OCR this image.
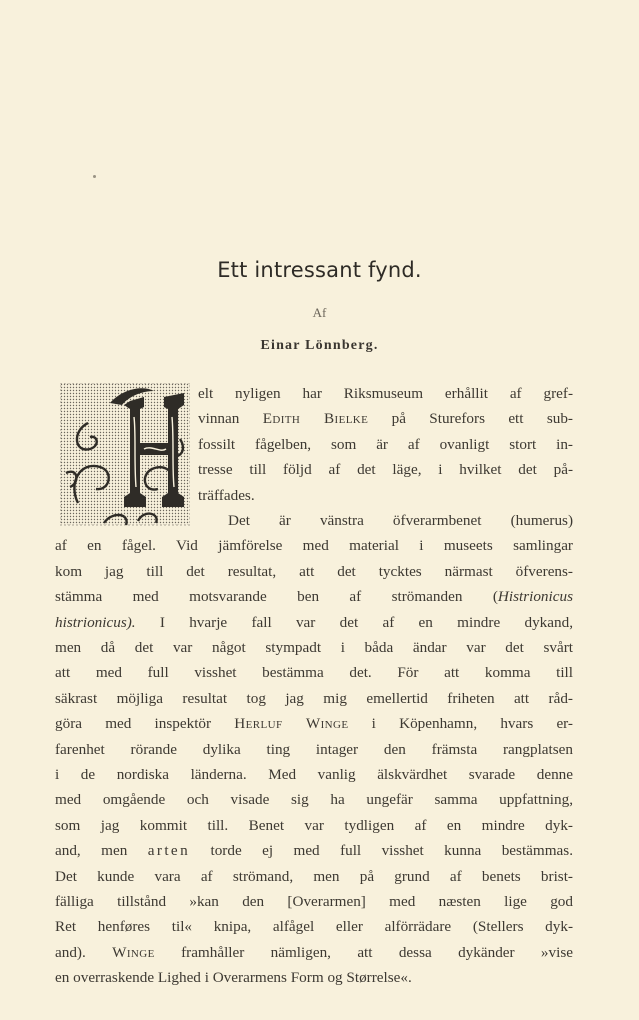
Ett intressant fynd.
Af
Einar Lönnberg.
elt nyligen har Riksmuseum erhållit af gref-
vinnan Edith Bielke på Sturefors ett sub-
fossilt fågelben, som är af ovanligt stort in-
tresse till följd af det läge, i hvilket det på-
träffades.
Det är vänstra öfverarmbenet (humerus)
af en fågel. Vid jämförelse med material i museets samlingar
kom jag till det resultat, att det tycktes närmast öfverens-
stämma med motsvarande ben af strömanden (Histrionicus
histrionicus). I hvarje fall var det af en mindre dykand,
men då det var något stympadt i båda ändar var det svårt
att med full visshet bestämma det. För att komma till
säkrast möjliga resultat tog jag mig emellertid friheten att råd-
göra med inspektör Herluf Winge i Köpenhamn, hvars er-
farenhet rörande dylika ting intager den främsta rangplatsen
i de nordiska länderna. Med vanlig älskvärdhet svarade denne
med omgående och visade sig ha ungefär samma uppfattning,
som jag kommit till. Benet var tydligen af en mindre dyk-
and, men arten torde ej med full visshet kunna bestämmas.
Det kunde vara af strömand, men på grund af benets brist-
fälliga tillstånd »kan den [Overarmen] med næsten lige god
Ret henføres til« knipa, alfågel eller alförrädare (Stellers dyk-
and). Winge framhåller nämligen, att dessa dykänder »vise
en overraskende Lighed i Overarmens Form og Størrelse«.
